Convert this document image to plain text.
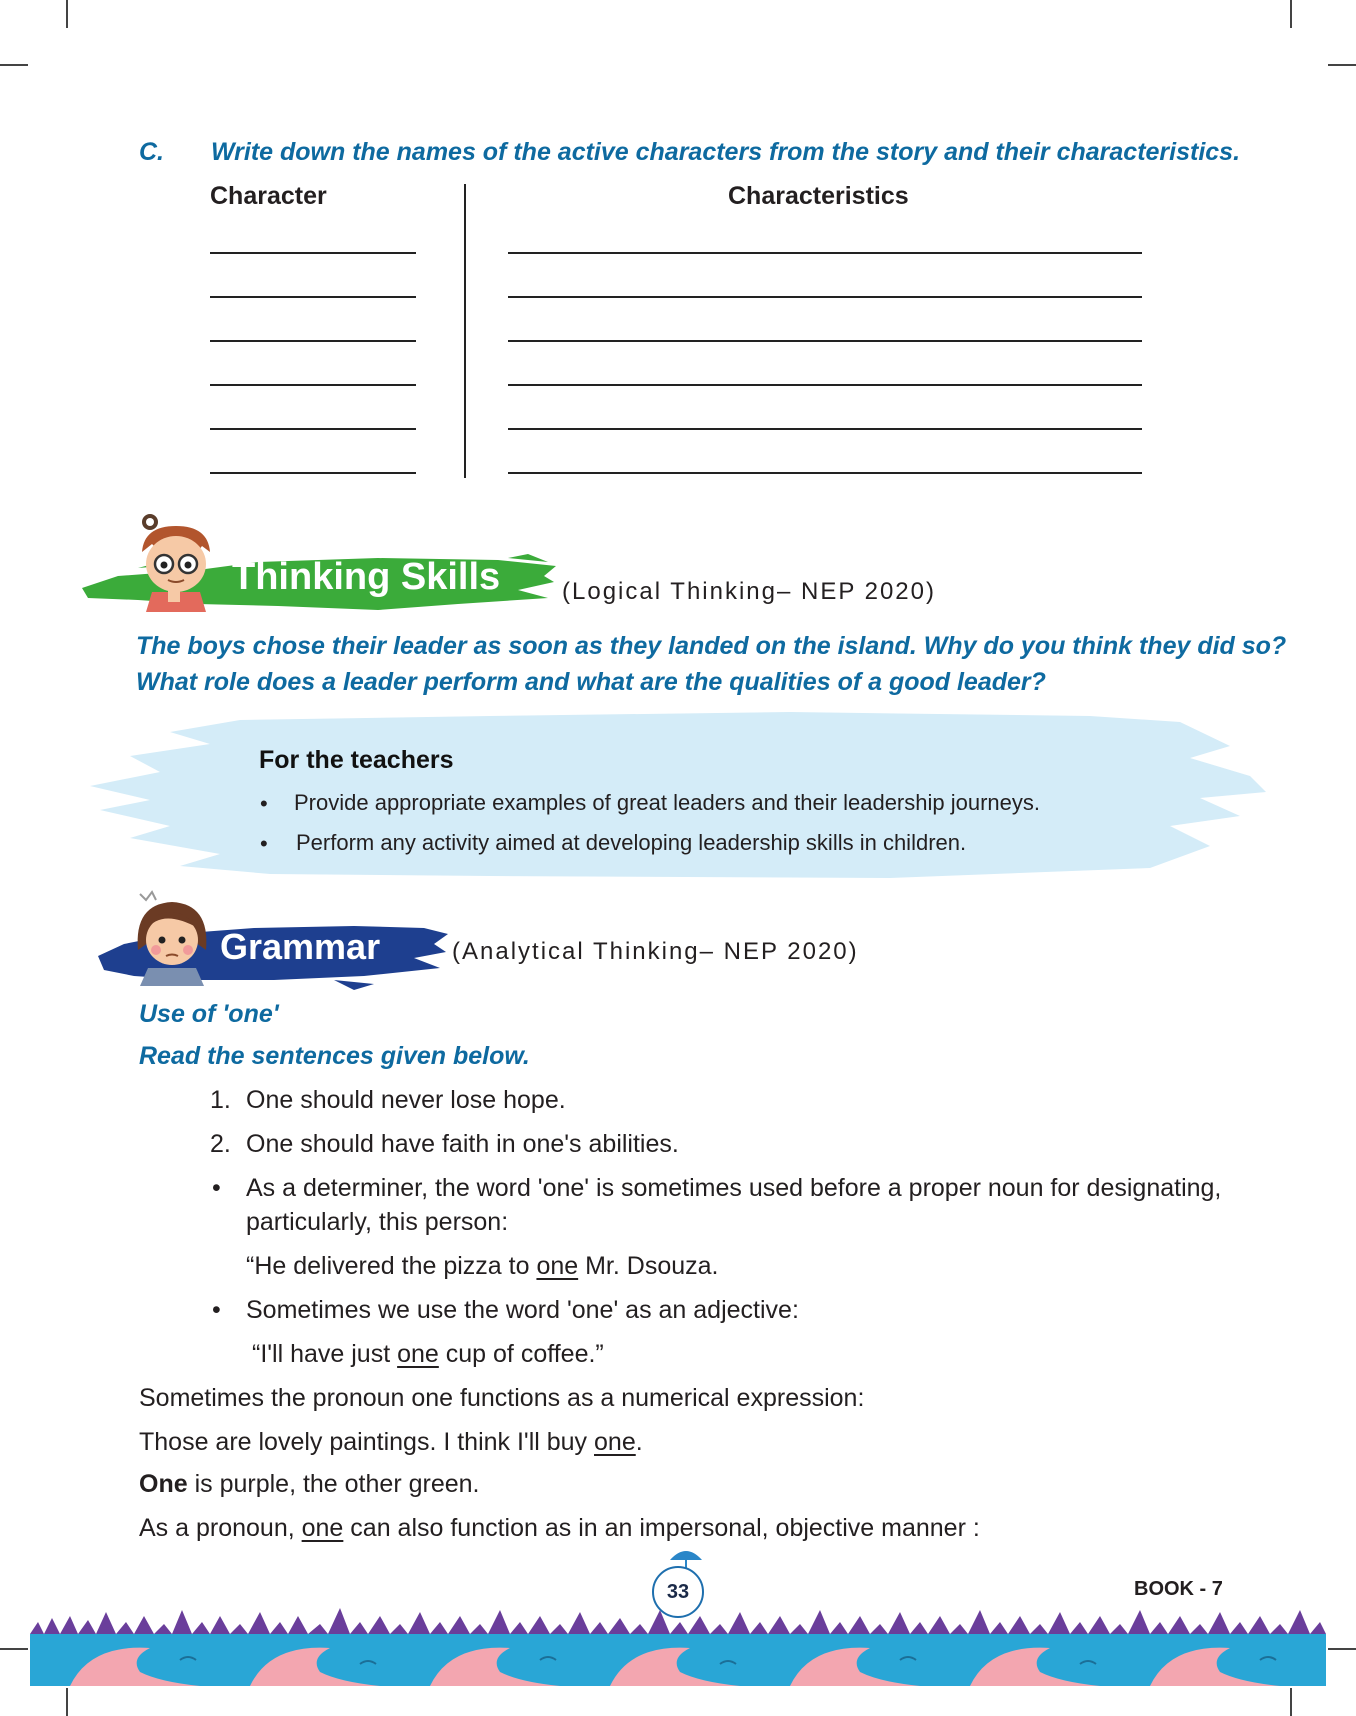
C. Write down the names of the active characters from the story and their characteristics.
Character	Characteristics
Thinking Skills	(Logical Thinking– NEP 2020)
The boys chose their leader as soon as they landed on the island. Why do you think they did so?
What role does a leader perform and what are the qualities of a good leader?
For the teachers
• Provide appropriate examples of great leaders and their leadership journeys.
• Perform any activity aimed at developing leadership skills in children.
Grammar	(Analytical Thinking– NEP 2020)
Use of 'one'
Read the sentences given below.
1. One should never lose hope.
2. One should have faith in one's abilities.
• As a determiner, the word 'one' is sometimes used before a proper noun for designating,
particularly, this person:
“He delivered the pizza to one Mr. Dsouza.
• Sometimes we use the word 'one' as an adjective:
“I'll have just one cup of coffee.”
Sometimes the pronoun one functions as a numerical expression:
Those are lovely paintings. I think I'll buy one.
One is purple, the other green.
As a pronoun, one can also function as in an impersonal, objective manner :
33	BOOK - 7
